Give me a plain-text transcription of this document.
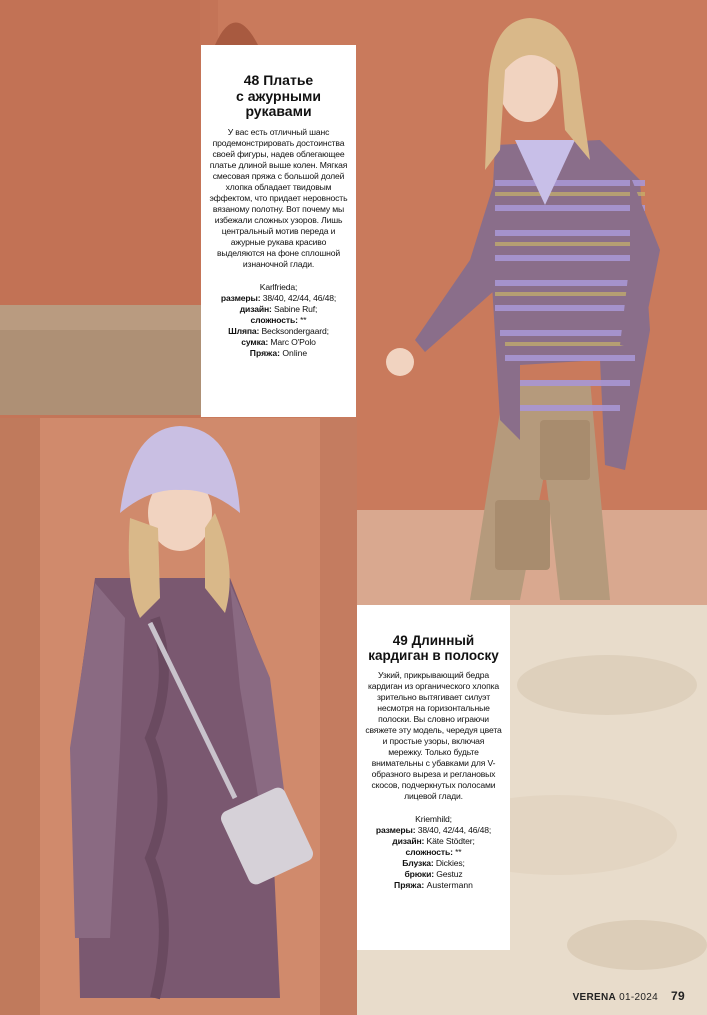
48 Платье
с ажурными
рукавами

У вас есть отличный шанс продемонстрировать достоинства своей фигуры, надев облегающее платье длиной выше колен. Мягкая смесовая пряжа с большой долей хлопка обладает твидовым эффектом, что придает неровность вязаному полотну. Вот почему мы избежали сложных узоров. Лишь центральный мотив переда и ажурные рукава красиво выделяются на фоне сплошной изнаночной глади.

Karlfrieda;
размеры: 38/40, 42/44, 46/48;
дизайн: Sabine Ruf;
сложность: **
Шляпа: Becksondergaard;
сумка: Marc O'Polo

Пряжа: Online

49 Длинный
кардиган в полоску

Узкий, прикрывающий бедра кардиган из органического хлопка зрительно вытягивает силуэт несмотря на горизонтальные полоски. Вы словно играючи свяжете эту модель, чередуя цвета и простые узоры, включая мережку. Только будьте внимательны с убавками для V-образного выреза и реглановых скосов, подчеркнутых полосами лицевой глади.

Kriemhild;
размеры: 38/40, 42/44, 46/48;
дизайн: Käte Stödter;
сложность: **
Блузка: Dickies;
брюки: Gestuz

Пряжа: Austermann

VERENA 01-2024 79
